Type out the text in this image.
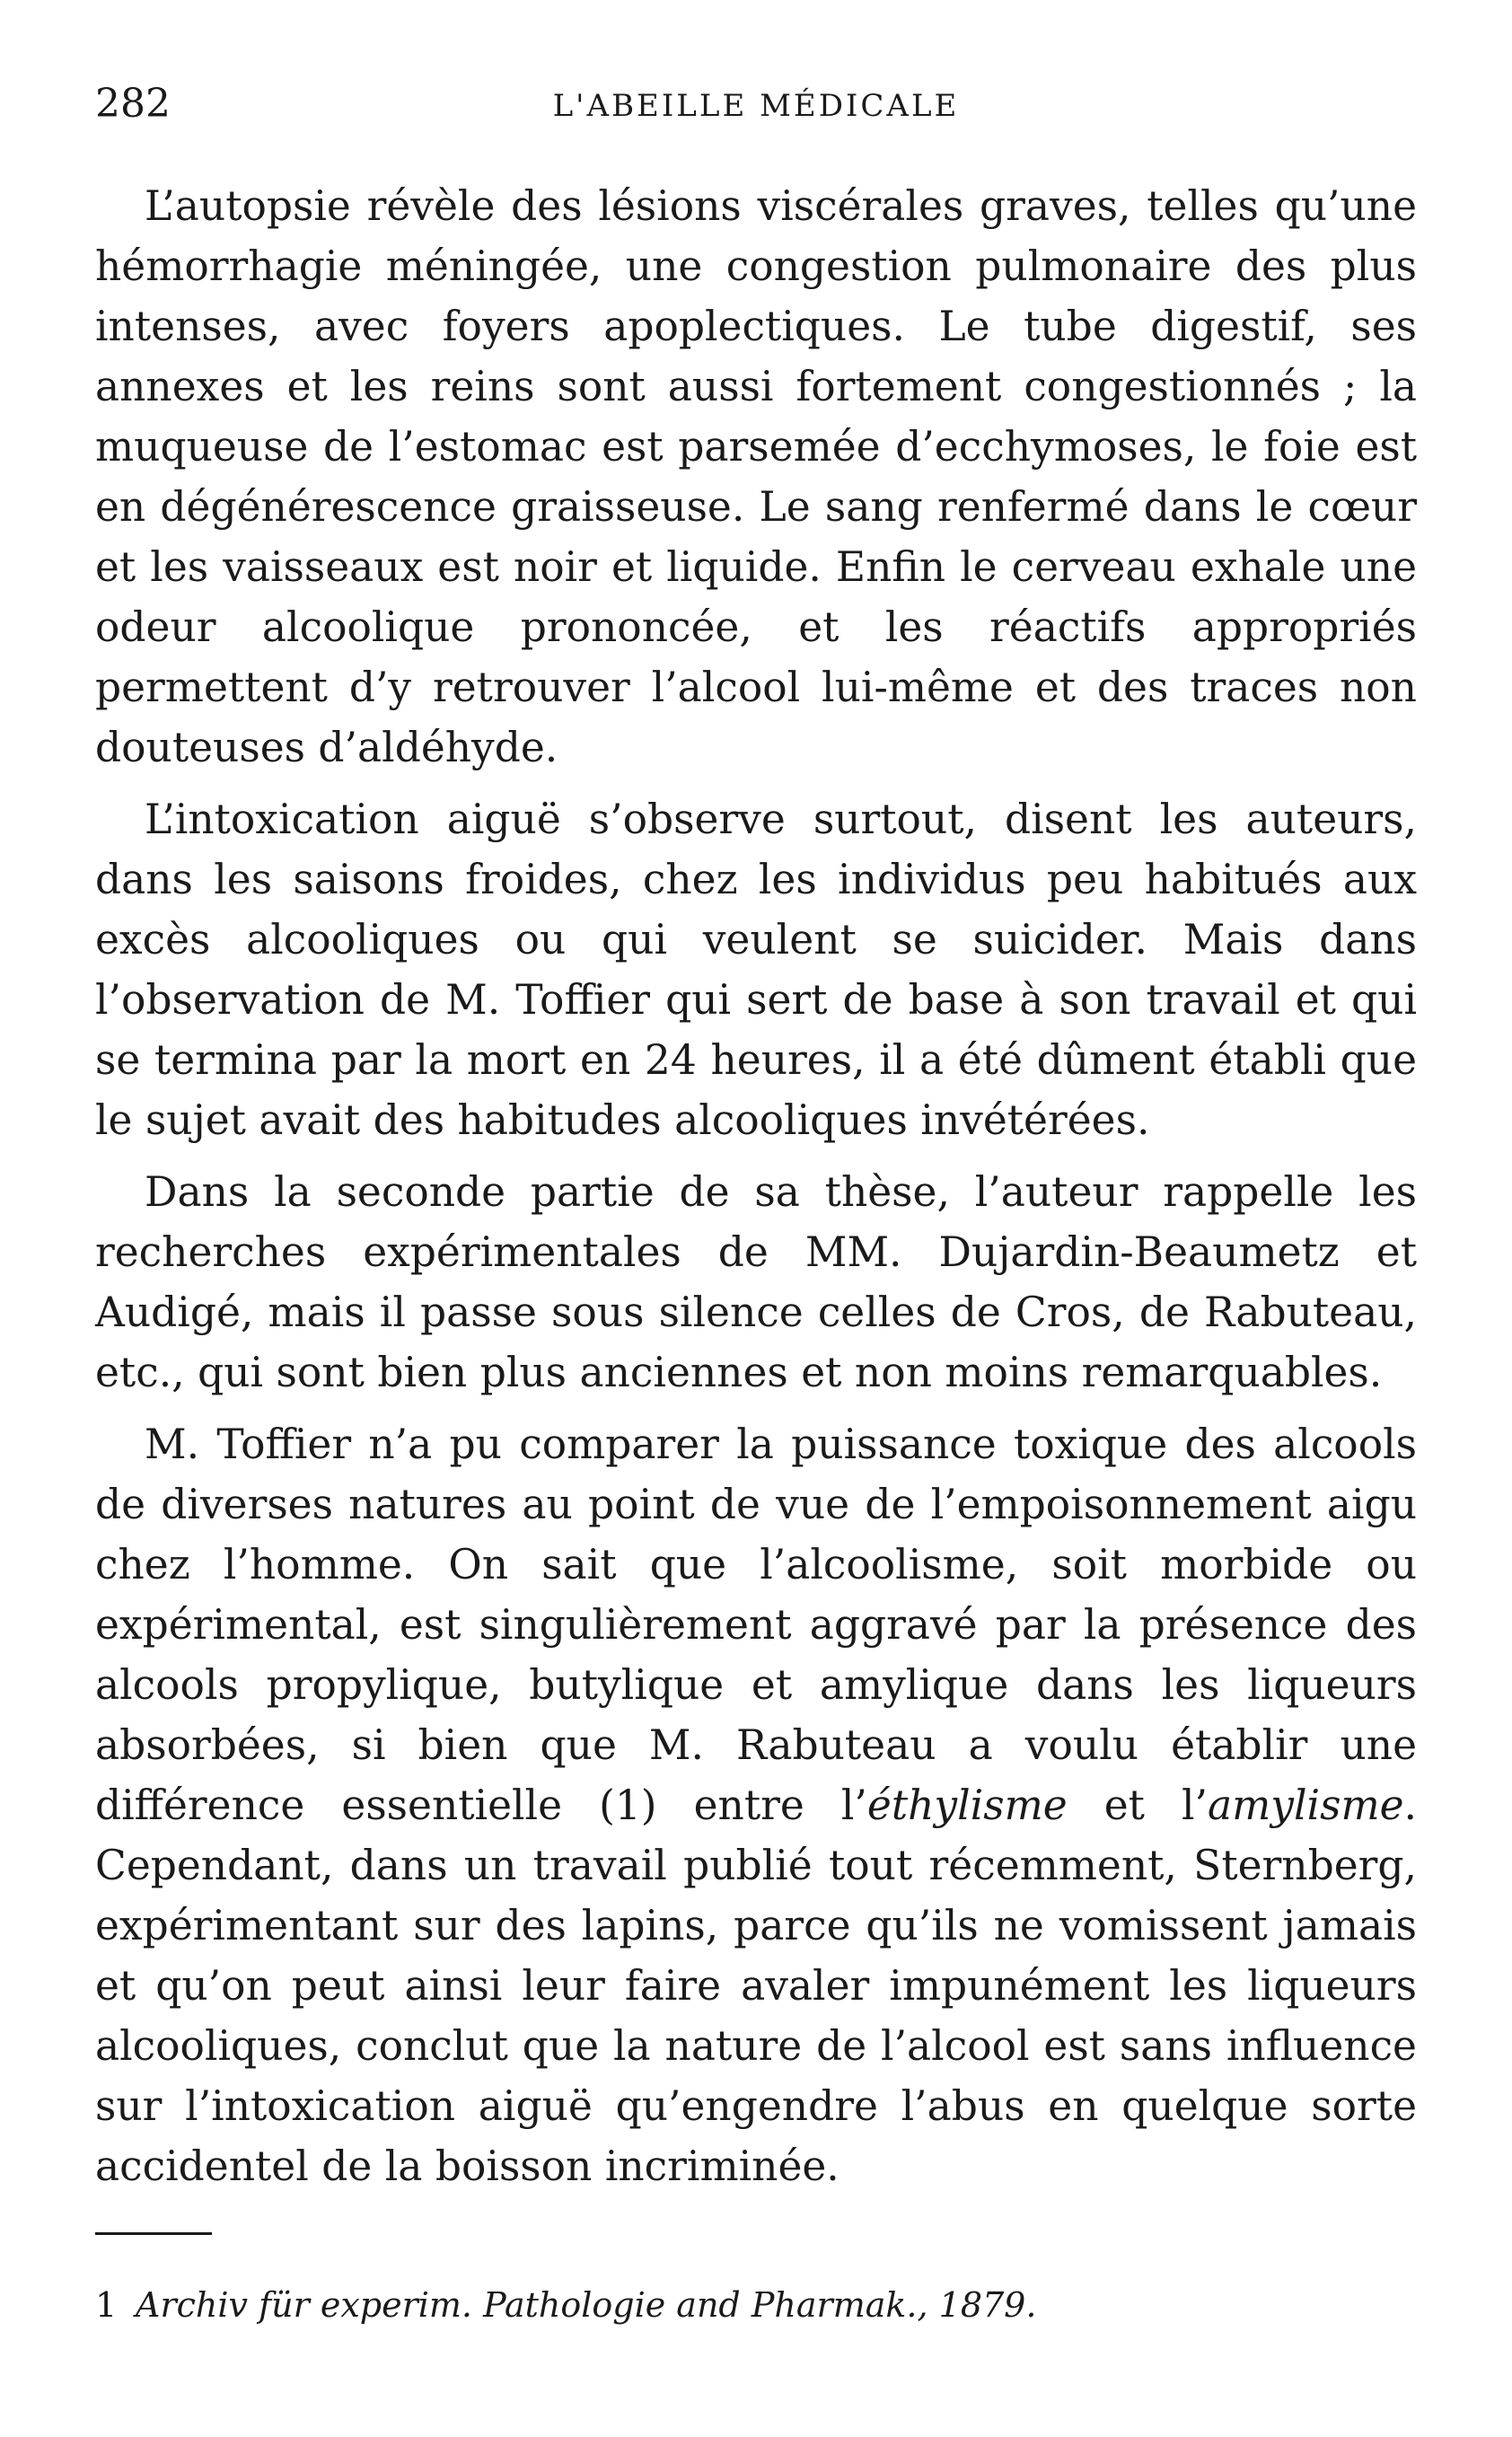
282	L'ABEILLE MÉDICALE

L’autopsie révèle des lésions viscérales graves, telles qu’une hémorrhagie méningée, une congestion pulmonaire des plus intenses, avec foyers apoplectiques. Le tube digestif, ses annexes et les reins sont aussi fortement congestionnés ; la muqueuse de l’estomac est parsemée d’ecchymoses, le foie est en dégénérescence graisseuse. Le sang renfermé dans le cœur et les vaisseaux est noir et liquide. Enfin le cerveau exhale une odeur alcoolique prononcée, et les réactifs appropriés permettent d’y retrouver l’alcool lui-même et des traces non douteuses d’aldéhyde.

L’intoxication aiguë s’observe surtout, disent les auteurs, dans les saisons froides, chez les individus peu habitués aux excès alcooliques ou qui veulent se suicider. Mais dans l’observation de M. Toffier qui sert de base à son travail et qui se termina par la mort en 24 heures, il a été dûment établi que le sujet avait des habitudes alcooliques invétérées.

Dans la seconde partie de sa thèse, l’auteur rappelle les recherches expérimentales de MM. Dujardin-Beaumetz et Audigé, mais il passe sous silence celles de Cros, de Rabuteau, etc., qui sont bien plus anciennes et non moins remarquables.

M. Toffier n’a pu comparer la puissance toxique des alcools de diverses natures au point de vue de l’empoisonnement aigu chez l’homme. On sait que l’alcoolisme, soit morbide ou expérimental, est singulièrement aggravé par la présence des alcools propylique, butylique et amylique dans les liqueurs absorbées, si bien que M. Rabuteau a voulu établir une différence essentielle (1) entre l’éthylisme et l’amylisme. Cependant, dans un travail publié tout récemment, Sternberg, expérimentant sur des lapins, parce qu’ils ne vomissent jamais et qu’on peut ainsi leur faire avaler impunément les liqueurs alcooliques, conclut que la nature de l’alcool est sans influence sur l’intoxication aiguë qu’engendre l’abus en quelque sorte accidentel de la boisson incriminée.

1 Archiv für experim. Pathologie and Pharmak., 1879.
